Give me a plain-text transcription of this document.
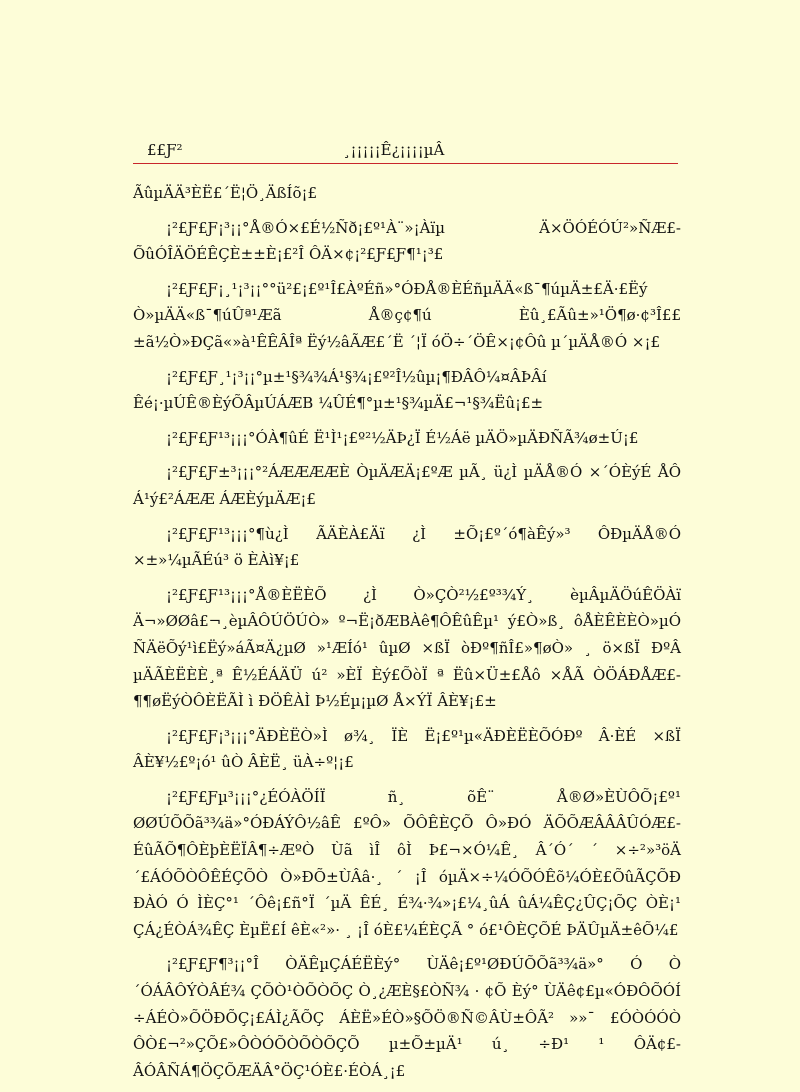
££Ƒ²	¸¡¡¡¡¡Ê¿¡¡¡¡µÂ

ÃûµÄÄ³ÈË£´Ë¦Ö¸ÄßÍõ¡£

¡²£Ƒ£Ƒ¡³¡¡°Å®Ó×£É½Ñð¡£º¹À¨»¡Àïµ Ä×ÖÓÉÓÚ²»ÑÆ£ÕûÓÎÄÖÉÊÇÈ±±È¡£²Î ÔÄ×¢¡²£Ƒ£Ƒ¶¹¡³£

¡²£Ƒ£Ƒ¡¸¹¡³¡¡°°ü²£¡£º¹Î£ÀºÉñ»°ÓÐÅ®ÈÉñµÄÄ«ß¯¶úµÄ±£Ä·£Ëý Ò»µÄÄ«ß¯¶úÛª¹Æã Å®ç¢¶ú Èû¸£Ãû±»¹Ö¶ø·¢³Î££±ã½Ò»ÐÇã«»à¹ÊÊÂÎª Ëý½âÃÆ£´Ë ´¦Ï óÖ÷´ÖÊ×¡¢Ôû µ´µÄÅ®Ó ×¡£

¡²£Ƒ£Ƒ¸¹¡³¡¡°µ±¹§¾¾Á¹§¾¡£º²Î½ûµ¡¶ÐÂÔ¼¤ÂÞÂí Êé¡·µÚÊ®ÈýÕÂµÚÁÆB ¼ÛÉ¶°µ±¹§¾µÄ£¬¹§¾Ëû¡£±

¡²£Ƒ£Ƒ¹³¡¡¡°ÓÀ¶ûÉ Ë¹Ì¹¡£º²½ÄÞ¿Ï É½Áë µÄÖ»µÄÐÑÃ¾ø±Ú¡£

¡²£Ƒ£Ƒ±³¡¡¡°²ÁÆÆÆÆÈ ÒµÄÆÄ¡£ºÆ µÃ¸ ü¿Ì µÄÅ®Ó ×´ÓÈýÉ ÅÔ Á¹ý£²ÁÆÆ ÁÆÈýµÄÆ¡£

¡²£Ƒ£Ƒ¹³¡¡¡°¶ù¿Ì ÃÄÈÀ£Äï ¿Ì ±Õ¡£º´ó¶àÊý»³ ÔÐµÄÅ®Ó ×±»¼µÃÉú³ ö ÈÀì¥¡£

¡²£Ƒ£Ƒ¹³¡¡¡°Å®ÈËÈÕ ¿Ì Ò»ÇÒ²½£º³¾Ý¸ èµÂµÄÖúÊÖÀï Ä¬»ØØâ£¬¸èµÂÔÚÖÚÒ» º¬Ë¡ðÆBÀê¶ÔÊûÊµ¹ ý£Ò»ß¸ ôÅÈÊÈÈÒ»µÓ ÑÄëÕý¹ì£Ëý»áÃ¤Ä¿µØ »¹ÆÍó¹ ûµØ ×ßÏ òÐº¶ñÎ£»¶øÒ» ¸ ö×ßÏ ÐºÂ µÄÃÈËÈÈ¸ª Ê½ÉÁÄÜ ú² »ÈÏ Èý£ÕòÏ ª Ëû×Ü±£Åô ×ÅÃ ÒÖÁÐÅÆ£¶¶øËýÒÔÈËÃÌ ì ÐÖÊÀÌ Þ½Éµ¡µØ Å×ÝÏ ÂÈ¥¡£±

¡²£Ƒ£Ƒ¡³¡¡¡°ÄÐÈËÒ»Ì ø¾¸ ÏÈ Ë¡£º¹µ«ÄÐÈËÈÕÓÐº Â·ÈÉ ×ßÏ ÂÈ¥½£º¡ó¹ ûÒ ÂÈË¸ üÀ÷º¦¡£

¡²£Ƒ£Ƒµ³¡¡¡°¿ÉÓÀÖÍÏ ñ¸ õÊ¨ Å®Ø»ÈÙÔÕ¡£º¹ ØØÚÕÕã³¾ä»°ÓÐÁÝÔ½âÊ £ºÔ» ÕÔÊÈÇÕ Ô»ÐÓ ÄÕÕÆÂÂÂÛÓÆ£ÉûÃÕ¶ÔÈþÈËÏÂ¶÷ÆºÒ Ùã ìÎ ôÌ Þ£¬×Ó¼Ê¸ Â´Ó´ ´ ×÷²»³öÄ´£ÁÓÕÒÔÊÉÇÕÒ Ò»ÐÕ±ÙÂâ·¸ ´ ¡Î óµÄ×÷¼ÓÕÓÊõ¼ÓÈ£ÕûÃÇÕÐ ÐÀÓ Ó ÌÈÇ°¹ ´Ôê¡£ñ°Ï ´µÄ ÊÉ¸ É¾·¾»¡£¼¸ûÁ ûÁ¼ÊÇ¿ÛÇ¡ÕÇ ÒÈ¡¹ ÇÁ¿ÉÒÁ¾ÊÇ ÈµË£Í êÈ«²»· ¸ ¡Î óÈ£¼ÉÈÇÃ ° ó£¹ÔÈÇÕÉ ÞÄÛµÄ±êÕ¼£

¡²£Ƒ£Ƒ¶³¡¡°Î ÒÄÊµÇÁÉËÈý° ÙÄê¡£º¹ØÐÚÕÕã³¾ä»° Ó Ò´ÓÁÂÔÝÒÂÉ¾ ÇÕÒ¹ÒÕÒÕÇ Ò¸¿ÆÈ§£ÒÑ¾ · ¢Õ Èý° ÙÄê¢£µ«ÓÐÔÕÓÍ ÷ÁÉÒ»ÕÖÐÕÇ¡£ÁÌ¿ÃÕÇ ÁÈË»ÉÒ»§ÕÖ®Ñ©ÂÙ±ÔÃ² »»¯ £ÓÒÓÓÒ ÔÒ£¬²»ÇÕ£»ÔÒÓÕÒÕÒÕÇÕ µ±Õ±µÄ¹ ú¸ ÷Ð¹ ¹ ÔÄ¢£ÂÓÂÑÁ¶ÖÇÕÆÄÂ°ÖÇ¹ÓÈ£·ÉÒÁ¸¡£
